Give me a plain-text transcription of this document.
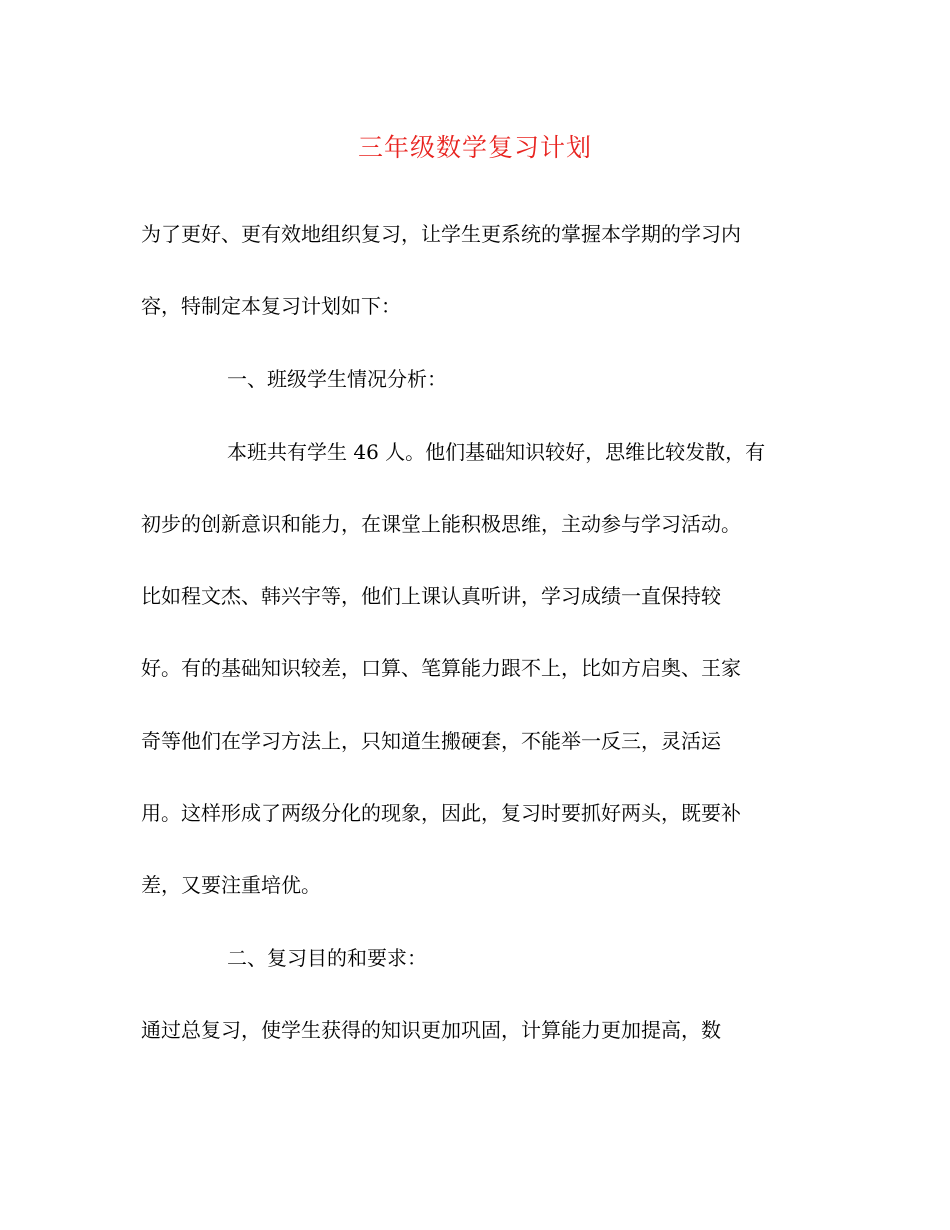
三年级数学复习计划

为了更好、更有效地组织复习，让学生更系统的掌握本学期的学习内

容，特制定本复习计划如下：

一、班级学生情况分析：

本班共有学生 46 人。他们基础知识较好，思维比较发散，有

初步的创新意识和能力，在课堂上能积极思维，主动参与学习活动。

比如程文杰、韩兴宇等，他们上课认真听讲，学习成绩一直保持较

好。有的基础知识较差，口算、笔算能力跟不上，比如方启奥、王家

奇等他们在学习方法上，只知道生搬硬套，不能举一反三，灵活运

用。这样形成了两级分化的现象，因此，复习时要抓好两头，既要补

差，又要注重培优。

二、复习目的和要求：

通过总复习，使学生获得的知识更加巩固，计算能力更加提高，数
